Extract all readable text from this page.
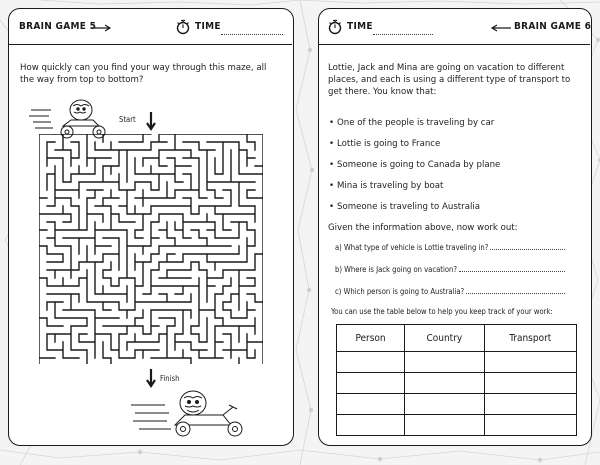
BRAIN GAME 5	TIME
How quickly can you find your way through this maze, all the way from top to bottom?
Start
Finish
TIME	BRAIN GAME 6
Lottie, Jack and Mina are going on vacation to different places, and each is using a different type of transport to get there. You know that:
• One of the people is traveling by car
• Lottie is going to France
• Someone is going to Canada by plane
• Mina is traveling by boat
• Someone is traveling to Australia
Given the information above, now work out:
a) What type of vehicle is Lottie traveling in?
b) Where is Jack going on vacation?
c) Which person is going to Australia?
You can use the table below to help you keep track of your work:
Person	Country	Transport
